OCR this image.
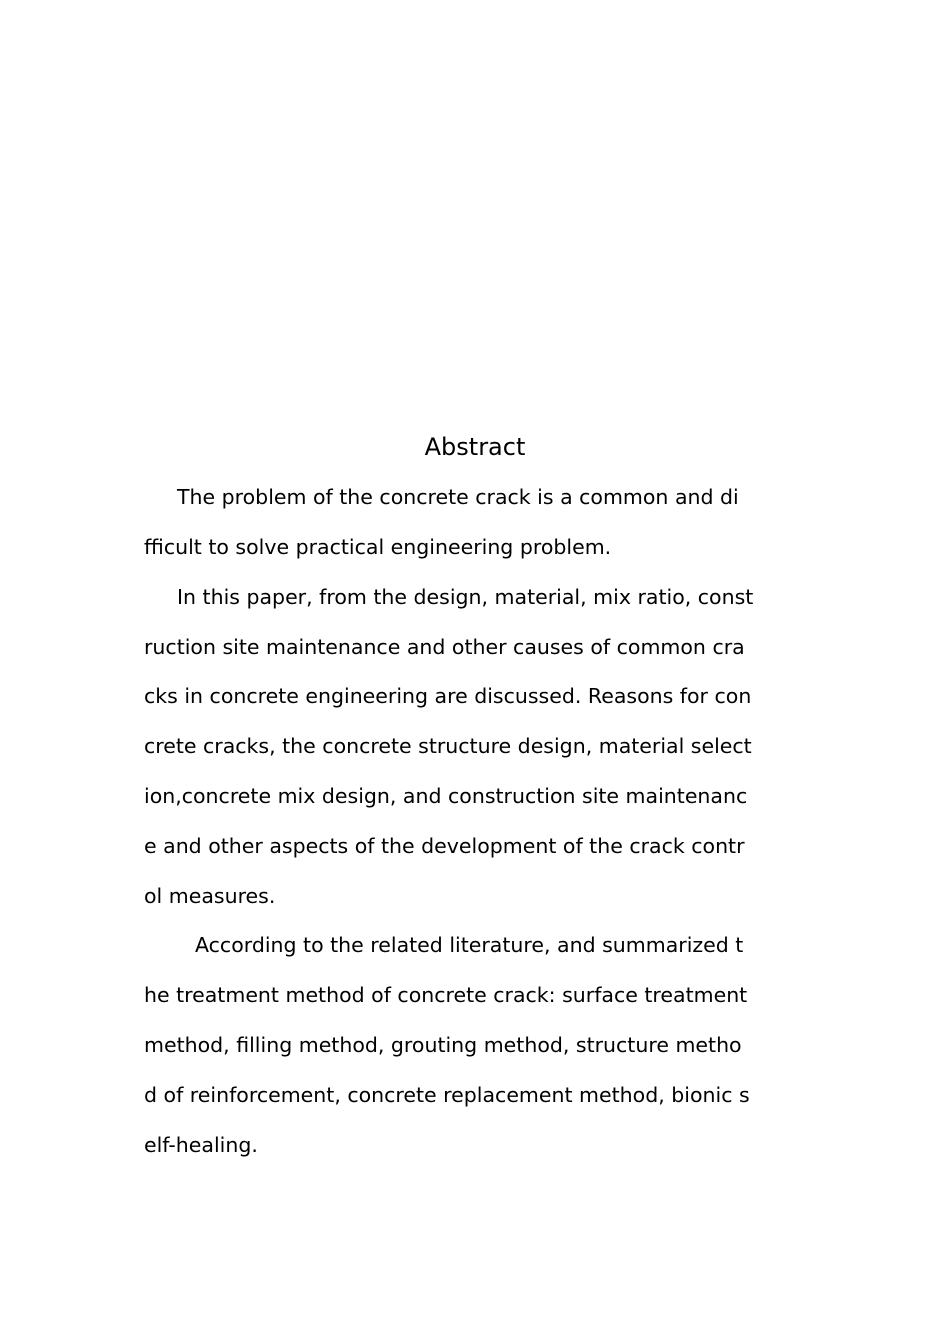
Abstract

The problem of the concrete crack is a common and di

fficult to solve practical engineering problem.

In this paper, from the design, material, mix ratio, const

ruction site maintenance and other causes of common cra

cks in concrete engineering are discussed. Reasons for con

crete cracks, the concrete structure design, material select

ion,concrete mix design, and construction site maintenanc

e and other aspects of the development of the crack contr

ol measures.

According to the related literature, and summarized t

he treatment method of concrete crack: surface treatment

method, filling method, grouting method, structure metho

d of reinforcement, concrete replacement method, bionic s

elf-healing.
